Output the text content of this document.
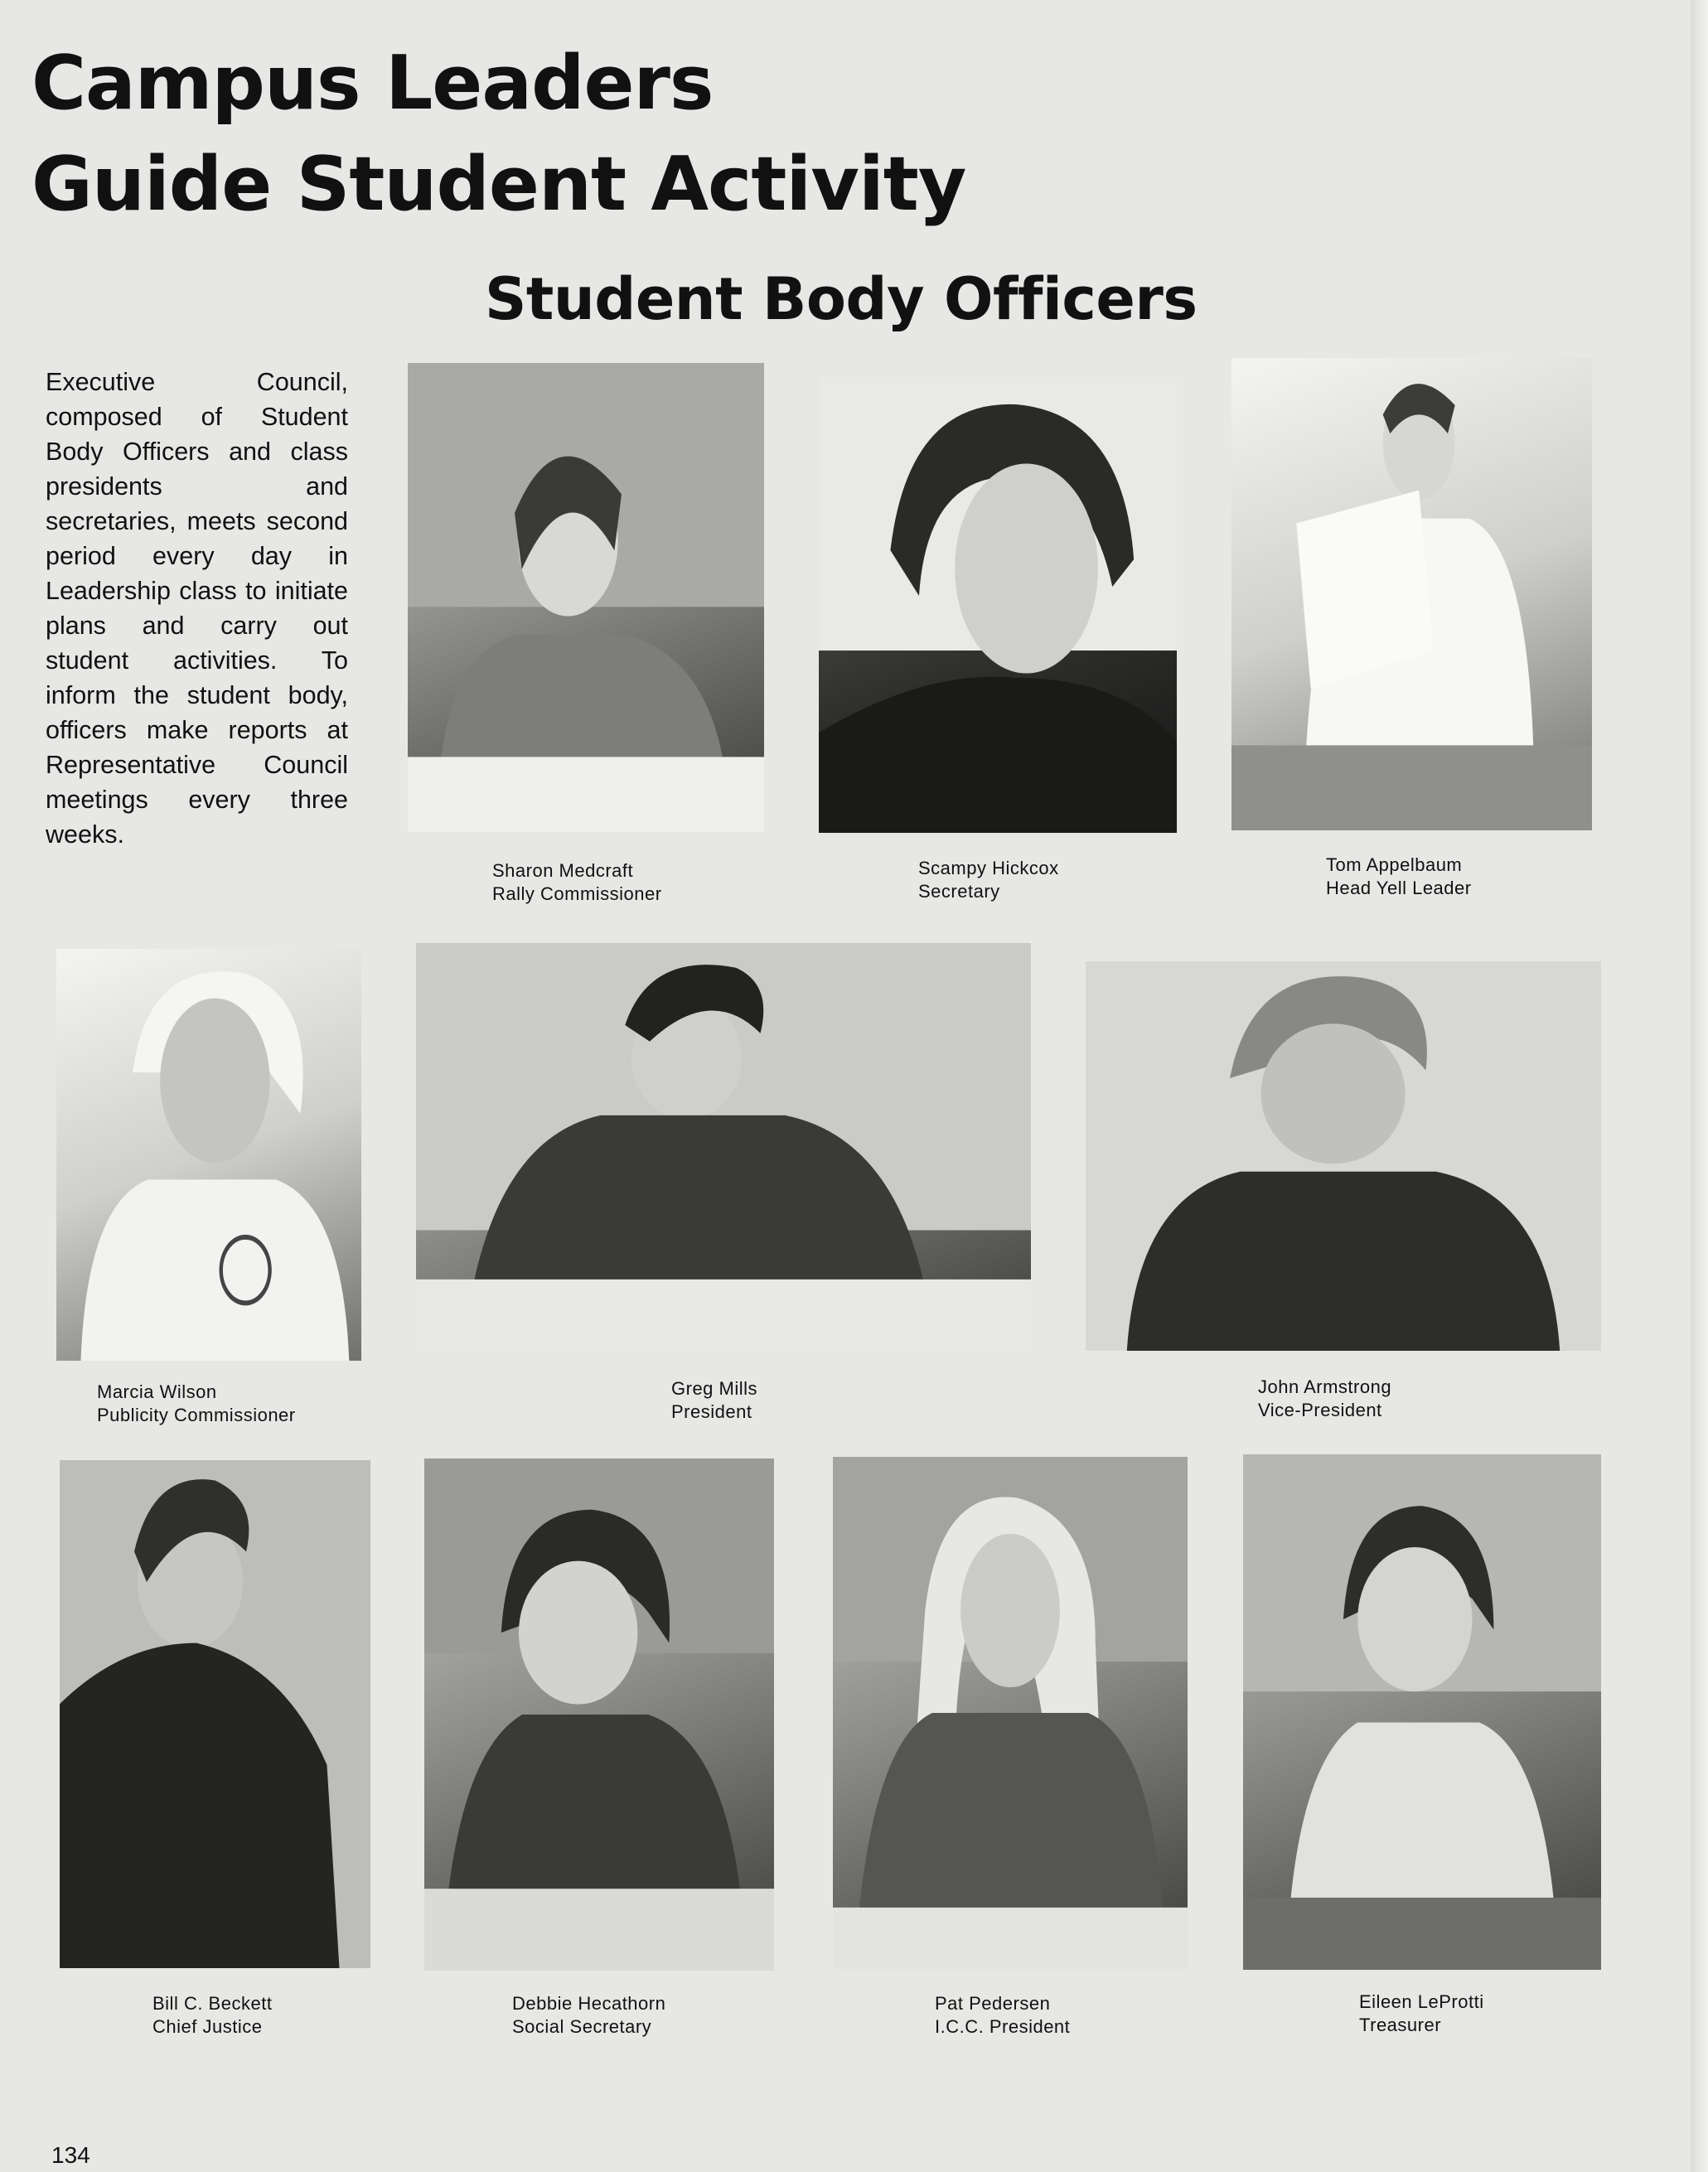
Campus Leaders
Guide Student Activity
Student Body Officers

Executive Council, composed of Student Body Officers and class presidents and secretaries, meets second period every day in Leadership class to initiate plans and carry out student activities. To inform the student body, officers make reports at Representative Council meetings every three weeks.

Sharon Medcraft
Rally Commissioner
Scampy Hickcox
Secretary
Tom Appelbaum
Head Yell Leader
Marcia Wilson
Publicity Commissioner
Greg Mills
President
John Armstrong
Vice-President
Bill C. Beckett
Chief Justice
Debbie Hecathorn
Social Secretary
Pat Pedersen
I.C.C. President
Eileen LeProtti
Treasurer
134
